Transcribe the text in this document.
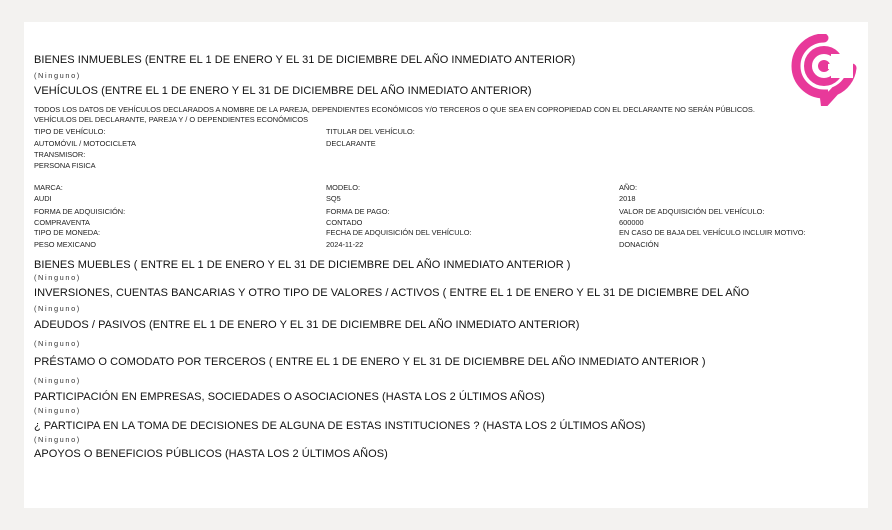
BIENES INMUEBLES (ENTRE EL 1 DE ENERO Y EL 31 DE DICIEMBRE DEL AÑO INMEDIATO ANTERIOR)
(Ninguno)
VEHÍCULOS (ENTRE EL 1 DE ENERO Y EL 31 DE DICIEMBRE DEL AÑO INMEDIATO ANTERIOR)
TODOS LOS DATOS DE VEHÍCULOS DECLARADOS A NOMBRE DE LA PAREJA, DEPENDIENTES ECONÓMICOS Y/O TERCEROS O QUE SEA EN COPROPIEDAD CON EL DECLARANTE NO SERÁN PÚBLICOS.
VEHÍCULOS DEL DECLARANTE, PAREJA Y / O DEPENDIENTES ECONÓMICOS
TIPO DE VEHÍCULO:	TITULAR DEL VEHÍCULO:
AUTOMÓVIL / MOTOCICLETA	DECLARANTE
TRANSMISOR:
PERSONA FISICA
MARCA:	MODELO:	AÑO:
AUDI	SQ5	2018
FORMA DE ADQUISICIÓN:	FORMA DE PAGO:	VALOR DE ADQUISICIÓN DEL VEHÍCULO:
COMPRAVENTA	CONTADO	600000
TIPO DE MONEDA:	FECHA DE ADQUISICIÓN DEL VEHÍCULO:	EN CASO DE BAJA DEL VEHÍCULO INCLUIR MOTIVO:
PESO MEXICANO	2024-11-22	DONACIÓN
BIENES MUEBLES ( ENTRE EL 1 DE ENERO Y EL 31 DE DICIEMBRE DEL AÑO INMEDIATO ANTERIOR )
(Ninguno)
INVERSIONES, CUENTAS BANCARIAS Y OTRO TIPO DE VALORES / ACTIVOS ( ENTRE EL 1 DE ENERO Y EL 31 DE DICIEMBRE DEL AÑO
(Ninguno)
ADEUDOS / PASIVOS (ENTRE EL 1 DE ENERO Y EL 31 DE DICIEMBRE DEL AÑO INMEDIATO ANTERIOR)
(Ninguno)
PRÉSTAMO O COMODATO POR TERCEROS ( ENTRE EL 1 DE ENERO Y EL 31 DE DICIEMBRE DEL AÑO INMEDIATO ANTERIOR )
(Ninguno)
PARTICIPACIÓN EN EMPRESAS, SOCIEDADES O ASOCIACIONES (HASTA LOS 2 ÚLTIMOS AÑOS)
(Ninguno)
¿ PARTICIPA EN LA TOMA DE DECISIONES DE ALGUNA DE ESTAS INSTITUCIONES ? (HASTA LOS 2 ÚLTIMOS AÑOS)
(Ninguno)
APOYOS O BENEFICIOS PÚBLICOS (HASTA LOS 2 ÚLTIMOS AÑOS)
